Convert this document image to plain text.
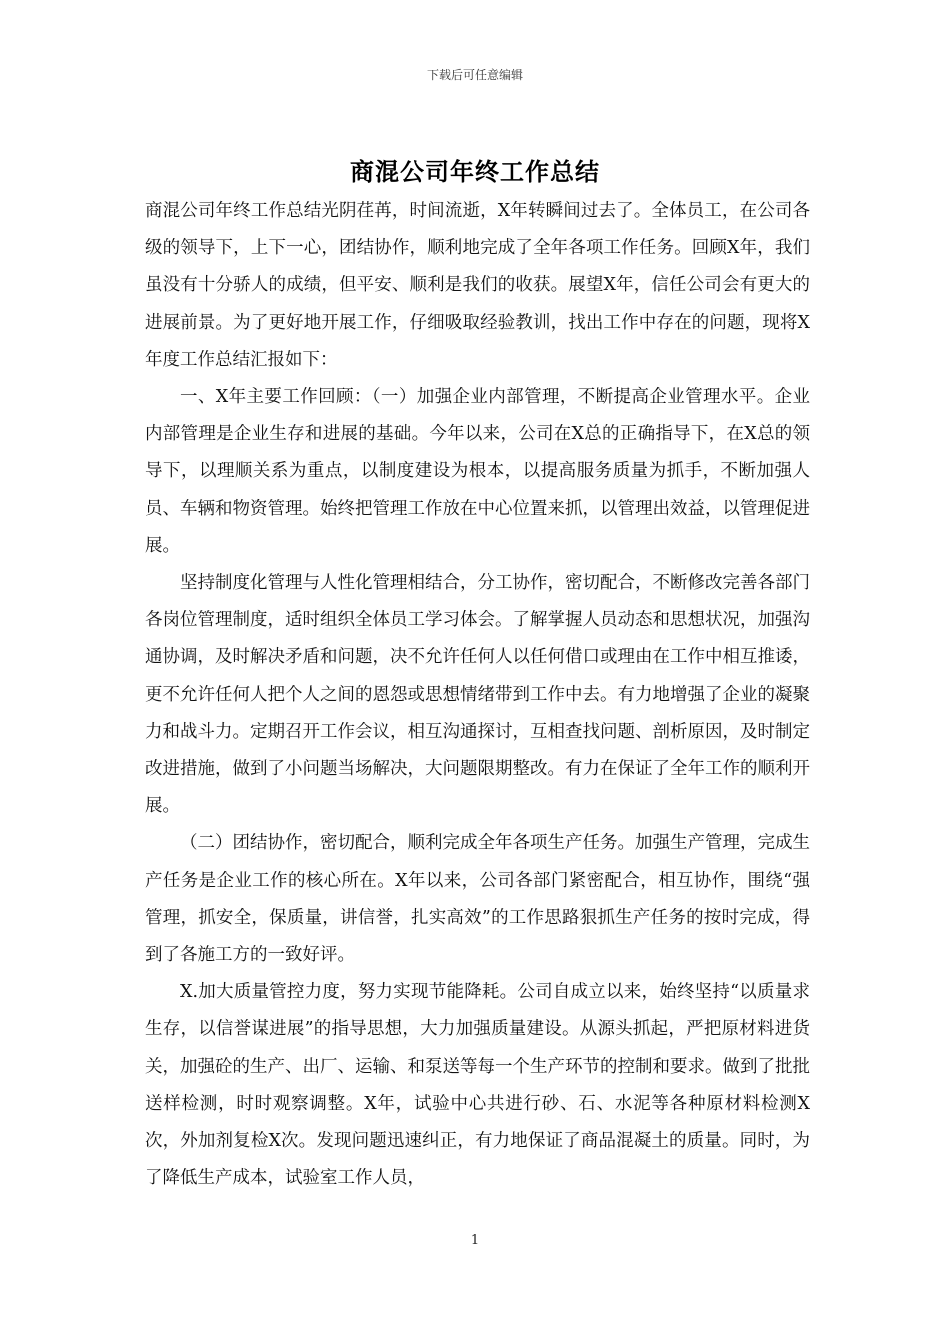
下载后可任意编辑
商混公司年终工作总结

商混公司年终工作总结光阴荏苒，时间流逝，X年转瞬间过去了。全体员工，在公司各级的领导下，上下一心，团结协作，顺利地完成了全年各项工作任务。回顾X年，我们虽没有十分骄人的成绩，但平安、顺利是我们的收获。展望X年，信任公司会有更大的进展前景。为了更好地开展工作，仔细吸取经验教训，找出工作中存在的问题，现将X年度工作总结汇报如下：

一、X年主要工作回顾：（一）加强企业内部管理，不断提高企业管理水平。企业内部管理是企业生存和进展的基础。今年以来，公司在X总的正确指导下，在X总的领导下，以理顺关系为重点，以制度建设为根本，以提高服务质量为抓手，不断加强人员、车辆和物资管理。始终把管理工作放在中心位置来抓，以管理出效益，以管理促进展。

坚持制度化管理与人性化管理相结合，分工协作，密切配合，不断修改完善各部门各岗位管理制度，适时组织全体员工学习体会。了解掌握人员动态和思想状况，加强沟通协调，及时解决矛盾和问题，决不允许任何人以任何借口或理由在工作中相互推诿，更不允许任何人把个人之间的恩怨或思想情绪带到工作中去。有力地增强了企业的凝聚力和战斗力。定期召开工作会议，相互沟通探讨，互相查找问题、剖析原因，及时制定改进措施，做到了小问题当场解决，大问题限期整改。有力在保证了全年工作的顺利开展。

（二）团结协作，密切配合，顺利完成全年各项生产任务。加强生产管理，完成生产任务是企业工作的核心所在。X年以来，公司各部门紧密配合，相互协作，围绕“强管理，抓安全，保质量，讲信誉，扎实高效”的工作思路狠抓生产任务的按时完成，得到了各施工方的一致好评。

X.加大质量管控力度，努力实现节能降耗。公司自成立以来，始终坚持“以质量求生存，以信誉谋进展”的指导思想，大力加强质量建设。从源头抓起，严把原材料进货关，加强砼的生产、出厂、运输、和泵送等每一个生产环节的控制和要求。做到了批批送样检测，时时观察调整。X年，试验中心共进行砂、石、水泥等各种原材料检测X次，外加剂复检X次。发现问题迅速纠正，有力地保证了商品混凝土的质量。同时，为了降低生产成本，试验室工作人员，

1
